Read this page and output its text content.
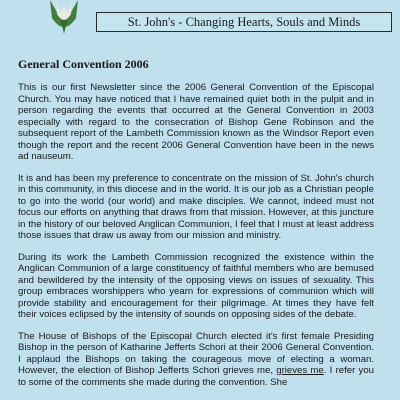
St. John's - Changing Hearts, Souls and Minds
General Convention 2006

This is our first Newsletter since the 2006 General Convention of the Episcopal Church. You may have noticed that I have remained quiet both in the pulpit and in person regarding the events that occurred at the General Convention in 2003 especially with regard to the consecration of Bishop Gene Robinson and the subsequent report of the Lambeth Commission known as the Windsor Report even though the report and the recent 2006 General Convention have been in the news ad nauseum.

It is and has been my preference to concentrate on the mission of St. John's church in this community, in this diocese and in the world. It is our job as a Christian people to go into the world (our world) and make disciples. We cannot, indeed must not focus our efforts on anything that draws from that mission. However, at this juncture in the history of our beloved Anglican Communion, I feel that I must at least address those issues that draw us away from our mission and ministry.

During its work the Lambeth Commission recognized the existence within the Anglican Communion of a large constituency of faithful members who are bemused and bewildered by the intensity of the opposing views on issues of sexuality. This group embraces worshippers who yearn for expressions of communion which will provide stability and encouragement for their pilgrimage. At times they have felt their voices eclipsed by the intensity of sounds on opposing sides of the debate.

The House of Bishops of the Episcopal Church elected it's first female Presiding Bishop in the person of Katharine Jefferts Schori at their 2006 General Convention. I applaud the Bishops on taking the courageous move of electing a woman. However, the election of Bishop Jefferts Schori grieves me, grieves me. I refer you to some of the comments she made during the convention. She
